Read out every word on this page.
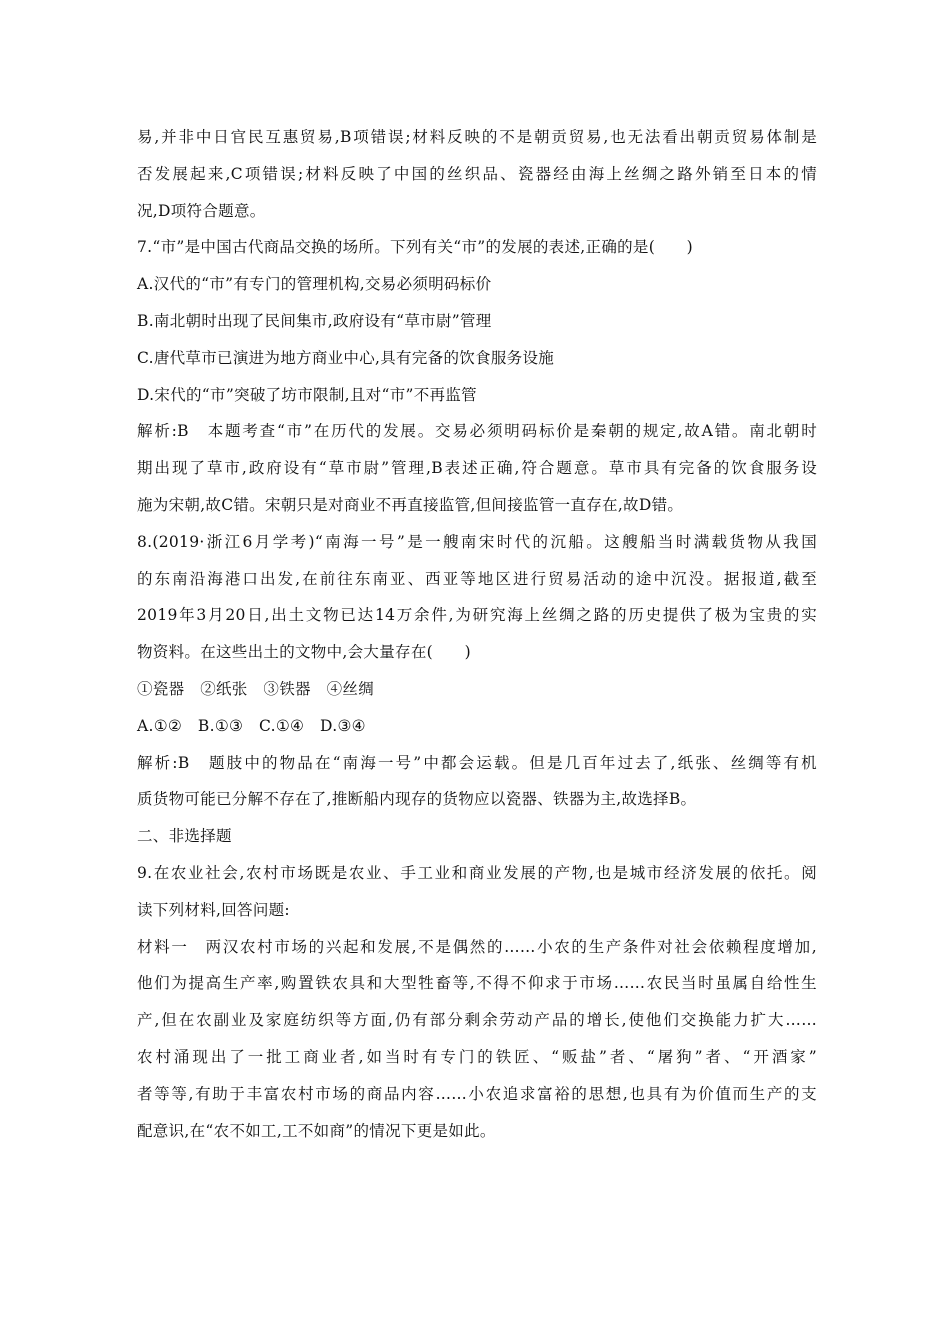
易,并非中日官民互惠贸易,B项错误;材料反映的不是朝贡贸易,也无法看出朝贡贸易体制是
否发展起来,C项错误;材料反映了中国的丝织品、瓷器经由海上丝绸之路外销至日本的情
况,D项符合题意。
7.“市”是中国古代商品交换的场所。下列有关“市”的发展的表述,正确的是(　　)
A.汉代的“市”有专门的管理机构,交易必须明码标价
B.南北朝时出现了民间集市,政府设有“草市尉”管理
C.唐代草市已演进为地方商业中心,具有完备的饮食服务设施
D.宋代的“市”突破了坊市限制,且对“市”不再监管
解析:B　本题考查“市”在历代的发展。交易必须明码标价是秦朝的规定,故A错。南北朝时
期出现了草市,政府设有“草市尉”管理,B表述正确,符合题意。草市具有完备的饮食服务设
施为宋朝,故C错。宋朝只是对商业不再直接监管,但间接监管一直存在,故D错。
8.(2019·浙江6月学考)“南海一号”是一艘南宋时代的沉船。这艘船当时满载货物从我国
的东南沿海港口出发,在前往东南亚、西亚等地区进行贸易活动的途中沉没。据报道,截至
2019年3月20日,出土文物已达14万余件,为研究海上丝绸之路的历史提供了极为宝贵的实
物资料。在这些出土的文物中,会大量存在(　　)
①瓷器　②纸张　③铁器　④丝绸
A.①②　B.①③　C.①④　D.③④
解析:B　题肢中的物品在“南海一号”中都会运载。但是几百年过去了,纸张、丝绸等有机
质货物可能已分解不存在了,推断船内现存的货物应以瓷器、铁器为主,故选择B。
二、非选择题
9.在农业社会,农村市场既是农业、手工业和商业发展的产物,也是城市经济发展的依托。阅
读下列材料,回答问题:
材料一　两汉农村市场的兴起和发展,不是偶然的……小农的生产条件对社会依赖程度增加,
他们为提高生产率,购置铁农具和大型牲畜等,不得不仰求于市场……农民当时虽属自给性生
产,但在农副业及家庭纺织等方面,仍有部分剩余劳动产品的增长,使他们交换能力扩大……
农村涌现出了一批工商业者,如当时有专门的铁匠、“贩盐”者、“屠狗”者、“开酒家”
者等等,有助于丰富农村市场的商品内容……小农追求富裕的思想,也具有为价值而生产的支
配意识,在“农不如工,工不如商”的情况下更是如此。
